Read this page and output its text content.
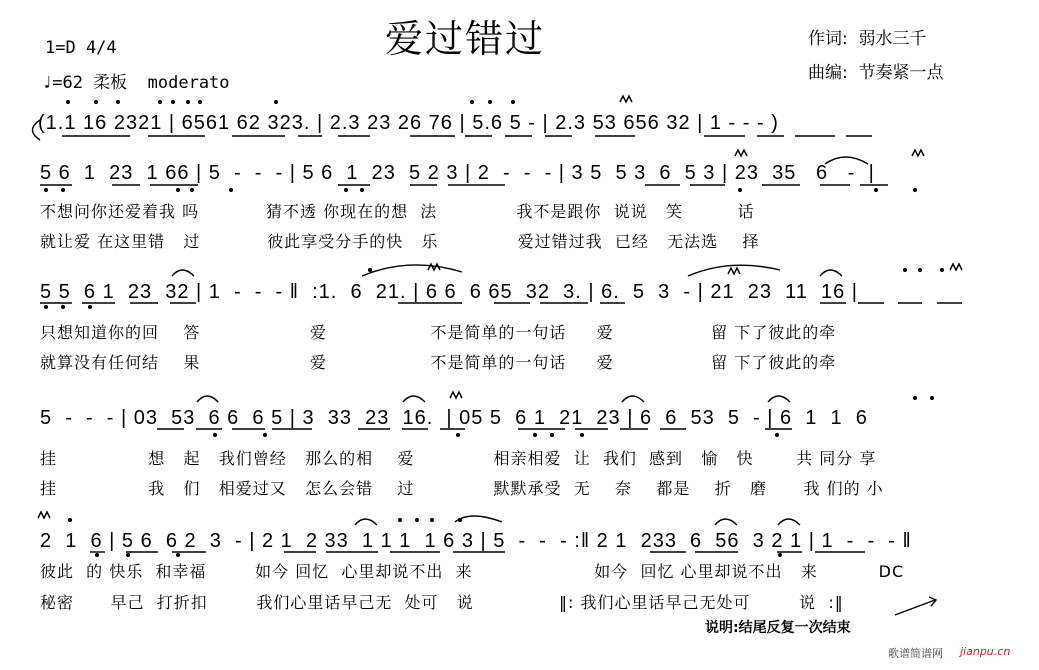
爱过错过
1=D 4/4
♩=62 柔板  moderato
作词:  弱水三千
曲编:  节奏紧一点
(1.1 16 2321 | 6561 62 323. | 2.3 23 26 76 | 5.6 5 - | 2.3 53 656 32 | 1 - - - )
5 6  1  23  1 66 | 5  -  -  - | 5 6  1  23  5 2 3 | 2  -  -  - | 3 5  5 3  6  5 3 | 23  35   6   -  |
不想问你还爱着我 吗           猜不透 你现在的想  法             我不是跟你  说说   笑         话
就让爱 在这里错   过           彼此享受分手的快   乐             爱过错过我  已经   无法选    择
5 5  6 1  23  32 | 1  -  -  - ‖  :1.  6  21. | 6 6  6 65  32  3. | 6.  5  3  - | 21  23  11  16 |
只想知道你的回    答                  爱                 不是简单的一句话     爱                留 下了彼此的牵
就算没有任何结    果                  爱                 不是简单的一句话     爱                留 下了彼此的牵
5  -  -  - | 03  53  6 6  6 5 | 3  33  23  16.  | 05 5  6 1  21  23 | 6  6  53  5  - | 6  1  1  6
挂               想   起   我们曾经   那么的相    爱             相亲相爱  让  我们  感到   愉   快       共 同分 享
挂               我   们   相爱过又   怎么会错    过             默默承受  无    奈    都是    折   磨      我 们的 小
2  1  6 | 5 6  6 2  3  - | 2 1  2 33  1 1 1  1 6 3 | 5  -  -  - :‖ 2 1  233  6  56  3 2 1 | 1  -  -  - ‖
彼此  的 快乐  和幸福        如今 回忆  心里却说不出  来                    如今  回忆 心里却说不出   来          DC
秘密      早己  打折扣        我们心里话早己无  处可   说              ‖: 我们心里话早己无处可        说  :‖
说明:结尾反复一次结束
歌谱简谱网 jianpu.cn
